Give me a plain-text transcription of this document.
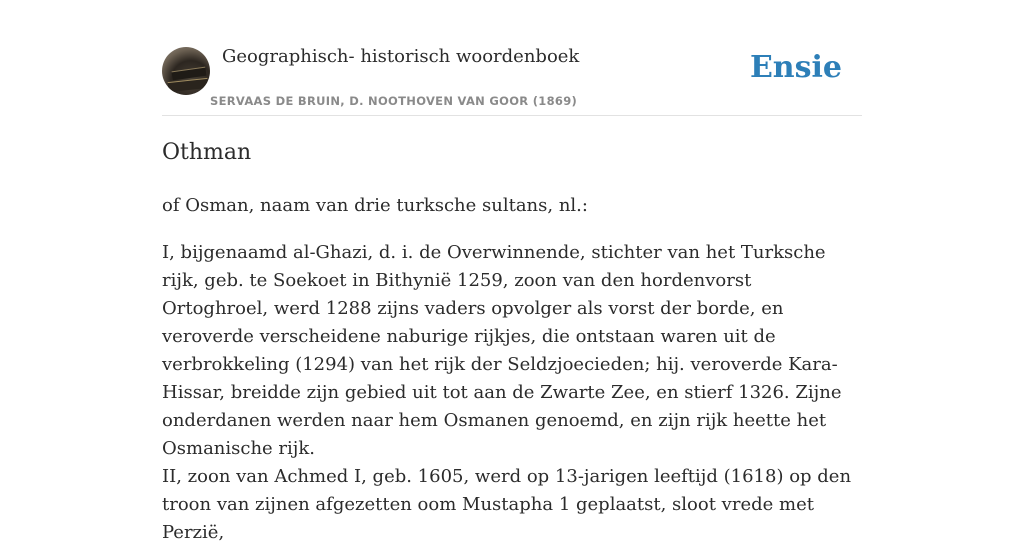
Geographisch- historisch woordenboek
SERVAAS DE BRUIN, D. NOOTHOVEN VAN GOOR (1869)
Ensie
Othman

of Osman, naam van drie turksche sultans, nl.:

I, bijgenaamd al-Ghazi, d. i. de Overwinnende, stichter van het Turksche rijk, geb. te Soekoet in Bithynië 1259, zoon van den hordenvorst Ortoghroel, werd 1288 zijns vaders opvolger als vorst der borde, en veroverde verscheidene naburige rijkjes, die ontstaan waren uit de verbrokkeling (1294) van het rijk der Seldzjoecieden; hij. veroverde Kara-Hissar, breidde zijn gebied uit tot aan de Zwarte Zee, en stierf 1326. Zijne onderdanen werden naar hem Osmanen genoemd, en zijn rijk heette het Osmanische rijk.

II, zoon van Achmed I, geb. 1605, werd op 13-jarigen leeftijd (1618) op den troon van zijnen afgezetten oom Mustapha 1 geplaatst, sloot vrede met Perzië,
